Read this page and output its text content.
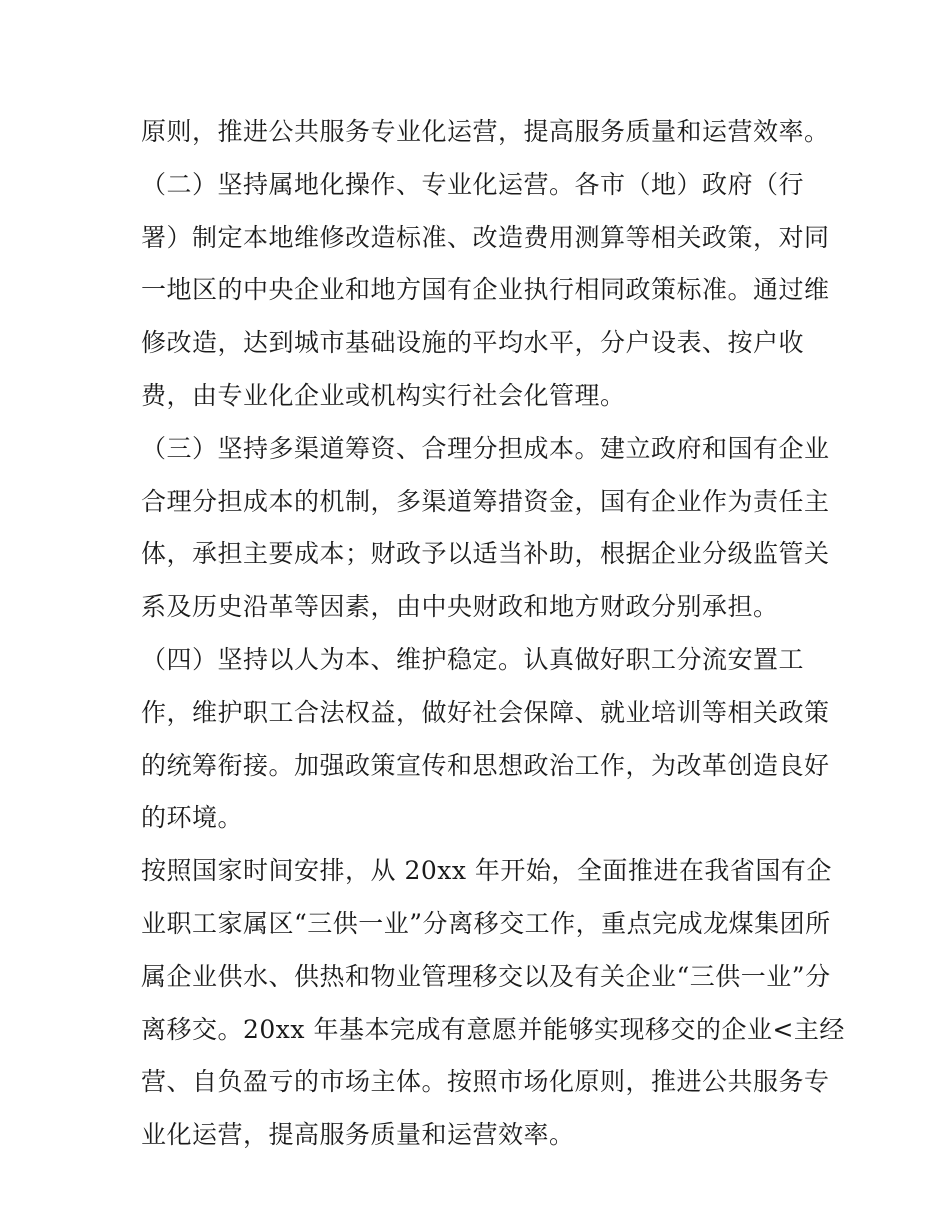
原则，推进公共服务专业化运营，提高服务质量和运营效率。
（二）坚持属地化操作、专业化运营。各市（地）政府（行
署）制定本地维修改造标准、改造费用测算等相关政策，对同
一地区的中央企业和地方国有企业执行相同政策标准。通过维
修改造，达到城市基础设施的平均水平，分户设表、按户收
费，由专业化企业或机构实行社会化管理。
（三）坚持多渠道筹资、合理分担成本。建立政府和国有企业
合理分担成本的机制，多渠道筹措资金，国有企业作为责任主
体，承担主要成本；财政予以适当补助，根据企业分级监管关
系及历史沿革等因素，由中央财政和地方财政分别承担。
（四）坚持以人为本、维护稳定。认真做好职工分流安置工
作，维护职工合法权益，做好社会保障、就业培训等相关政策
的统筹衔接。加强政策宣传和思想政治工作，为改革创造良好
的环境。
按照国家时间安排，从 20xx 年开始，全面推进在我省国有企
业职工家属区“三供一业”分离移交工作，重点完成龙煤集团所
属企业供水、供热和物业管理移交以及有关企业“三供一业”分
离移交。20xx 年基本完成有意愿并能够实现移交的企业<主经
营、自负盈亏的市场主体。按照市场化原则，推进公共服务专
业化运营，提高服务质量和运营效率。
